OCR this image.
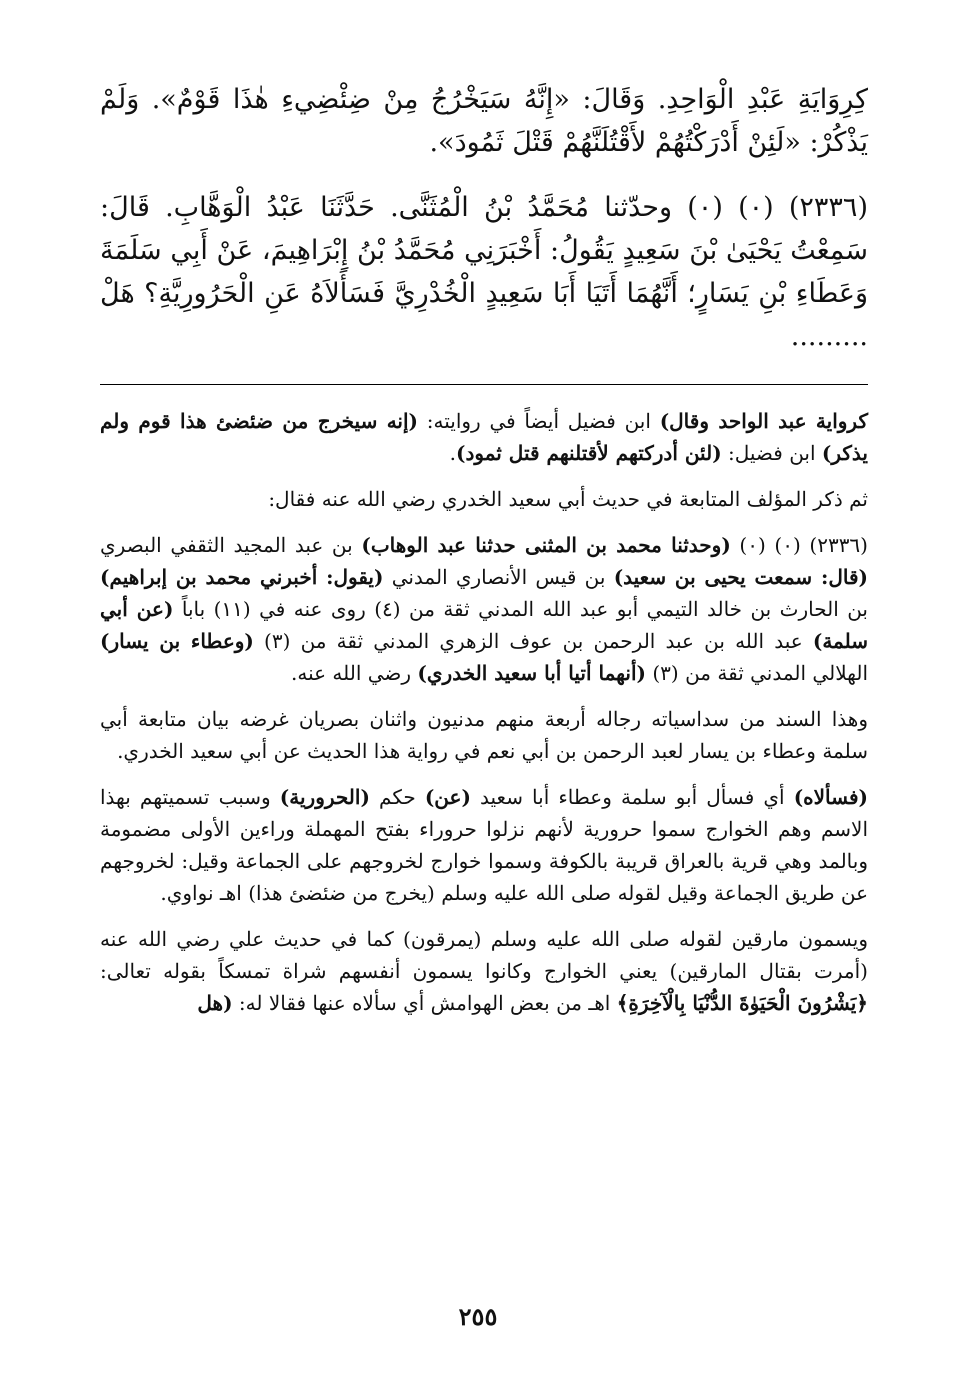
كِرِوَايَةِ عَبْدِ الْوَاحِدِ. وَقَالَ: «إِنَّهُ سَيَخْرُجُ مِنْ ضِئْضِيءِ هٰذَا قَوْمٌ». وَلَمْ يَذْكُرْ: «لَئِنْ أَدْرَكْتُهُمْ لأَقْتُلَنَّهُمْ قَتْلَ ثَمُودَ».

(٢٣٣٦) (٠) (٠) وحدّثنا مُحَمَّدُ بْنُ الْمُثَنَّى. حَدَّثَنَا عَبْدُ الْوَهَّابِ. قَالَ: سَمِعْتُ يَحْيَىٰ بْنَ سَعِيدٍ يَقُولُ: أَخْبَرَنِي مُحَمَّدُ بْنُ إِبْرَاهِيمَ، عَنْ أَبِي سَلَمَةَ وَعَطَاءِ بْنِ يَسَارٍ؛ أَنَّهُمَا أَتَيَا أَبَا سَعِيدٍ الْخُدْرِيَّ فَسَأَلاَهُ عَنِ الْحَرُورِيَّةِ؟ هَلْ .........

كرواية عبد الواحد وقال) ابن فضيل أيضاً في روايته: (إنه سيخرج من ضئضئ هذا قوم ولم يذكر) ابن فضيل: (لئن أدركتهم لأقتلنهم قتل ثمود).

ثم ذكر المؤلف المتابعة في حديث أبي سعيد الخدري رضي الله عنه فقال:

(٢٣٣٦) (٠) (٠) (وحدثنا محمد بن المثنى حدثنا عبد الوهاب) بن عبد المجيد الثقفي البصري (قال: سمعت يحيى بن سعيد) بن قيس الأنصاري المدني (يقول: أخبرني محمد بن إبراهيم) بن الحارث بن خالد التيمي أبو عبد الله المدني ثقة من (٤) روى عنه في (١١) باباً (عن أبي سلمة) عبد الله بن عبد الرحمن بن عوف الزهري المدني ثقة من (٣) (وعطاء بن يسار) الهلالي المدني ثقة من (٣) (أنهما أتيا أبا سعيد الخدري) رضي الله عنه.

وهذا السند من سداسياته رجاله أربعة منهم مدنيون واثنان بصريان غرضه بيان متابعة أبي سلمة وعطاء بن يسار لعبد الرحمن بن أبي نعم في رواية هذا الحديث عن أبي سعيد الخدري.

(فسألاه) أي فسأل أبو سلمة وعطاء أبا سعيد (عن) حكم (الحرورية) وسبب تسميتهم بهذا الاسم وهم الخوارج سموا حرورية لأنهم نزلوا حروراء بفتح المهملة وراءين الأولى مضمومة وبالمد وهي قرية بالعراق قريبة بالكوفة وسموا خوارج لخروجهم على الجماعة وقيل: لخروجهم عن طريق الجماعة وقيل لقوله صلى الله عليه وسلم (يخرج من ضئضئ هذا) اهـ نواوي.

ويسمون مارقين لقوله صلى الله عليه وسلم (يمرقون) كما في حديث علي رضي الله عنه (أمرت بقتال المارقين) يعني الخوارج وكانوا يسمون أنفسهم شراة تمسكاً بقوله تعالى: ﴿يَشْرُونَ الْحَيَوٰةَ الدُّنْيَا بِالْآخِرَةِ﴾ اهـ من بعض الهوامش أي سألاه عنها فقالا له: (هل

٢٥٥
